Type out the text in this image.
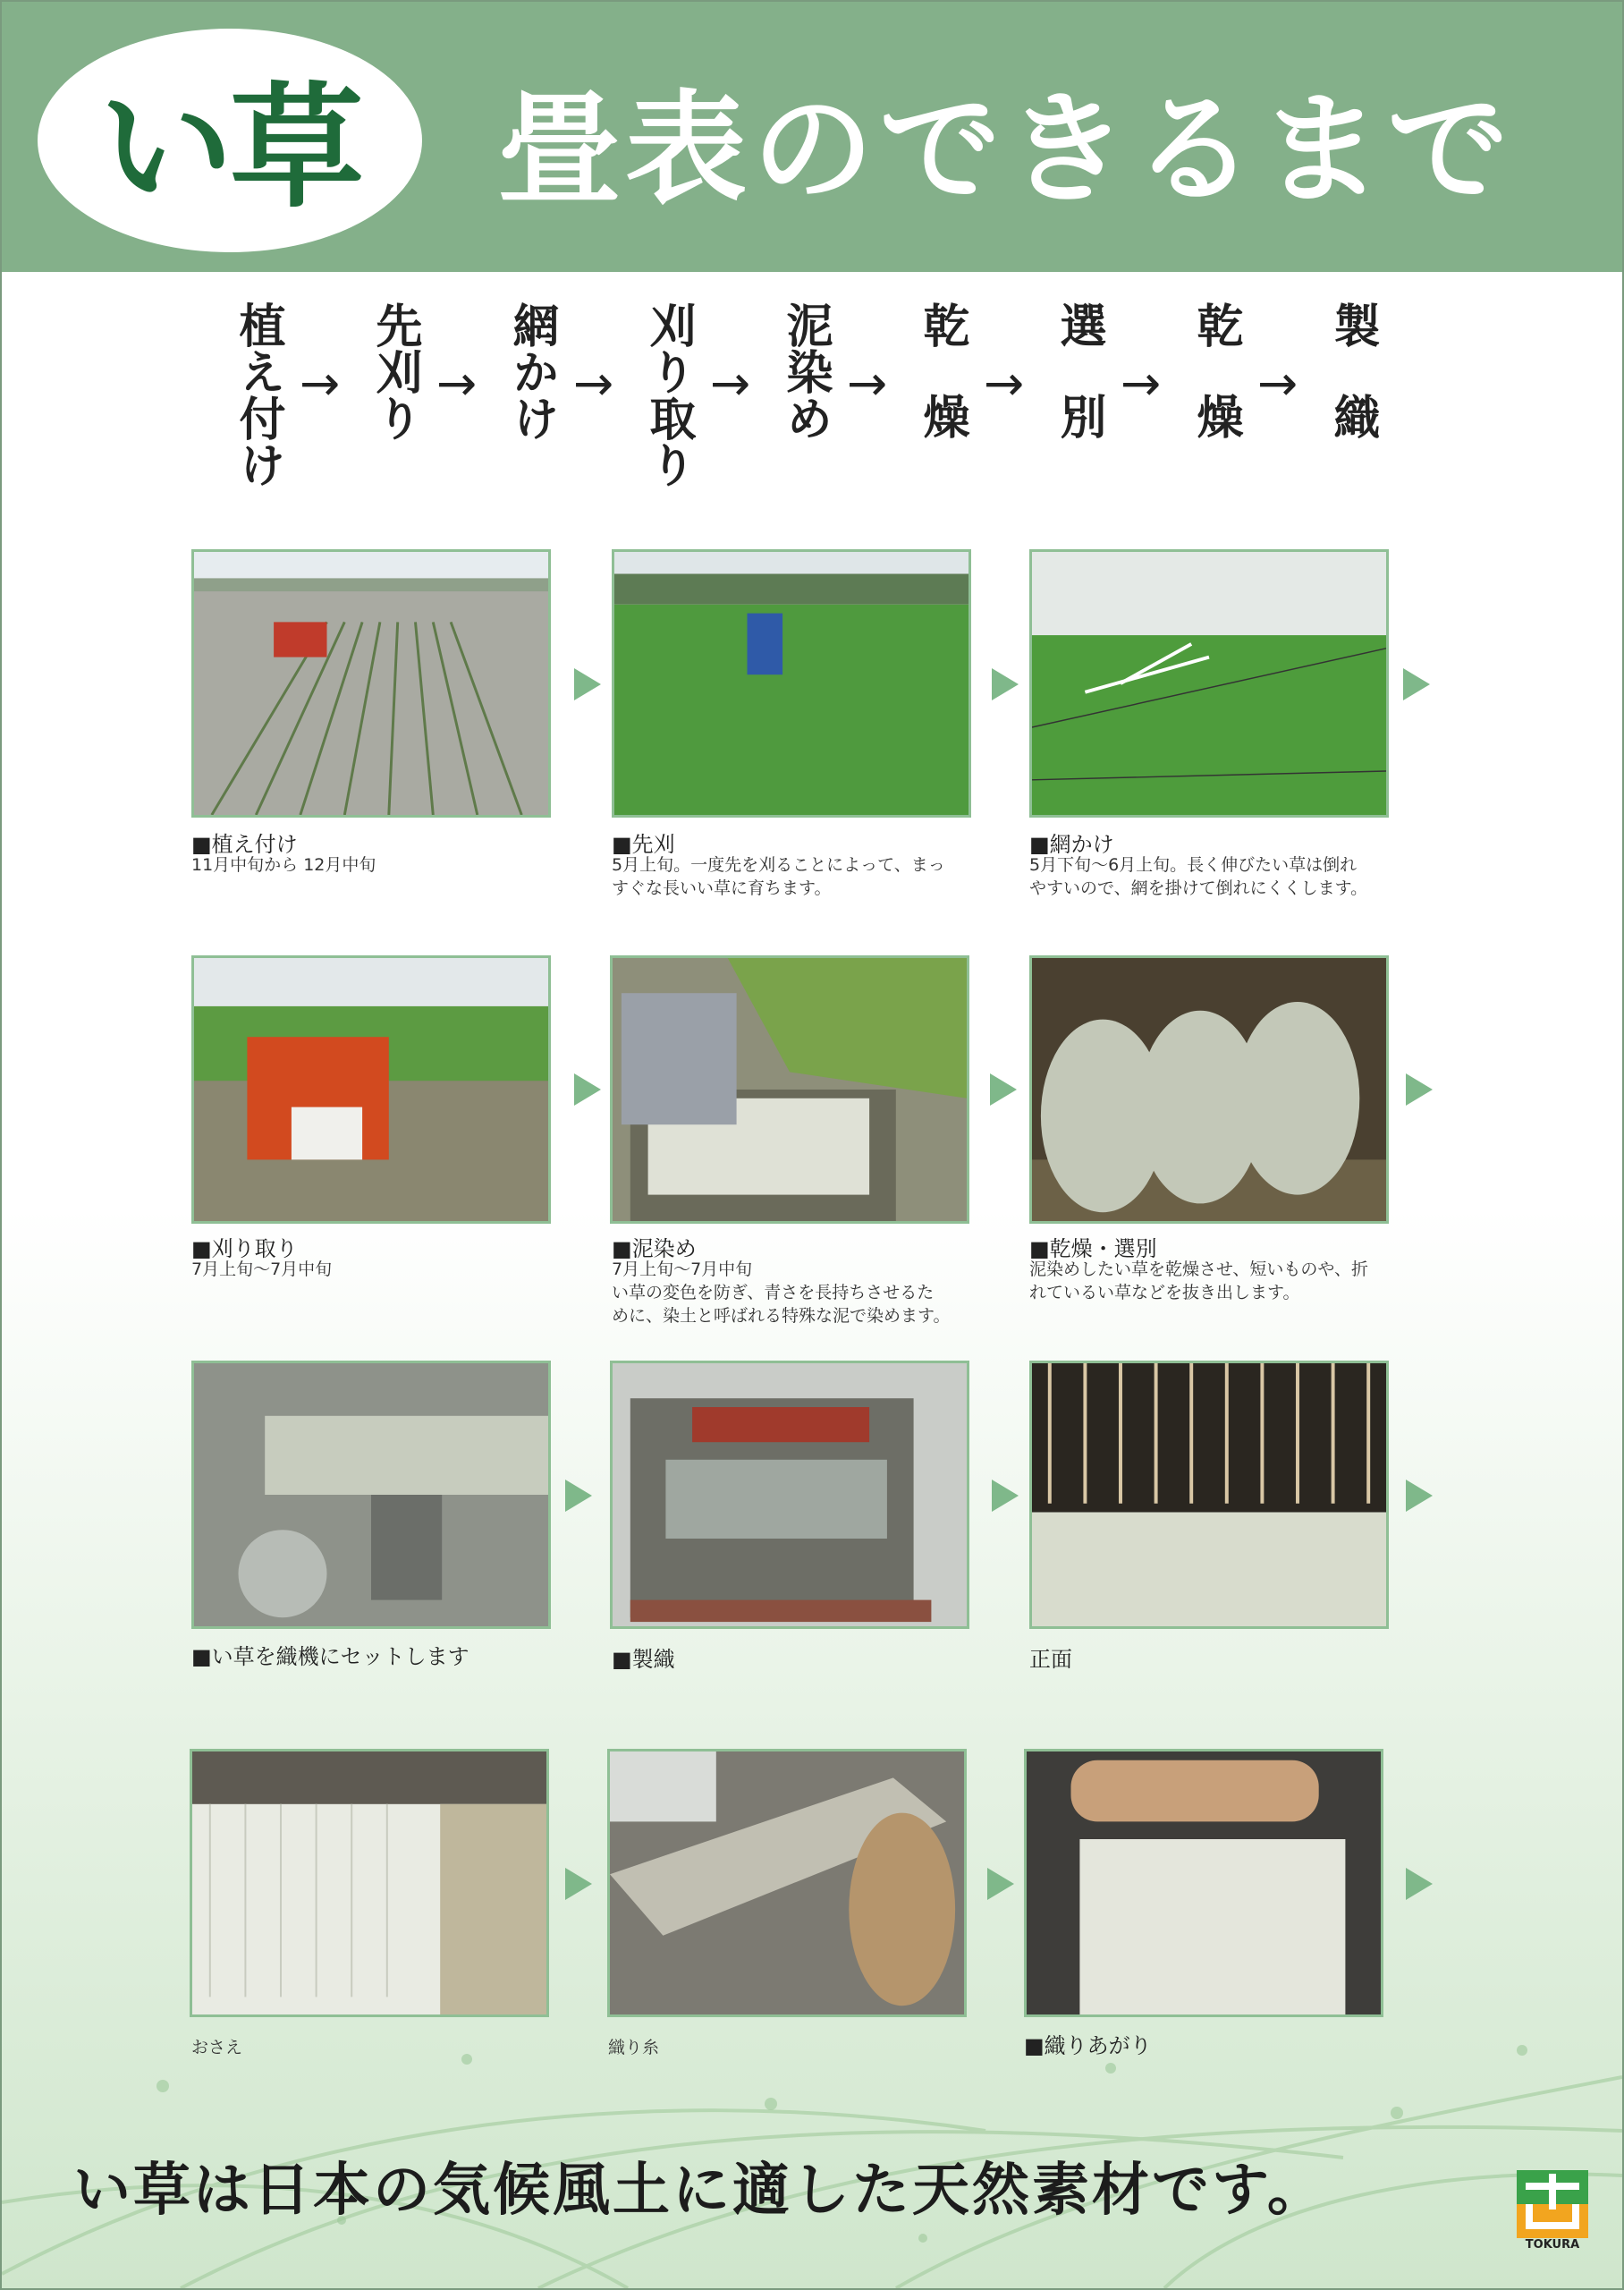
い草 畳表のできるまで
植え付け → 先刈り → 網かけ → 刈り取り → 泥染め → 乾燥 → 選別 → 乾燥 → 製織
■植え付け
11月中旬から 12月中旬
■先刈
5月上旬。一度先を刈ることによって、まっ
すぐな長いい草に育ちます。
■網かけ
5月下旬～6月上旬。長く伸びたい草は倒れ
やすいので、網を掛けて倒れにくくします。
■刈り取り
7月上旬～7月中旬
■泥染め
7月上旬～7月中旬
い草の変色を防ぎ、青さを長持ちさせるた
めに、染土と呼ばれる特殊な泥で染めます。
■乾燥・選別
泥染めしたい草を乾燥させ、短いものや、折
れているい草などを抜き出します。
■い草を織機にセットします	■製織	正面
おさえ	織り糸	■織りあがり
い草は日本の気候風土に適した天然素材です。
TOKURA
